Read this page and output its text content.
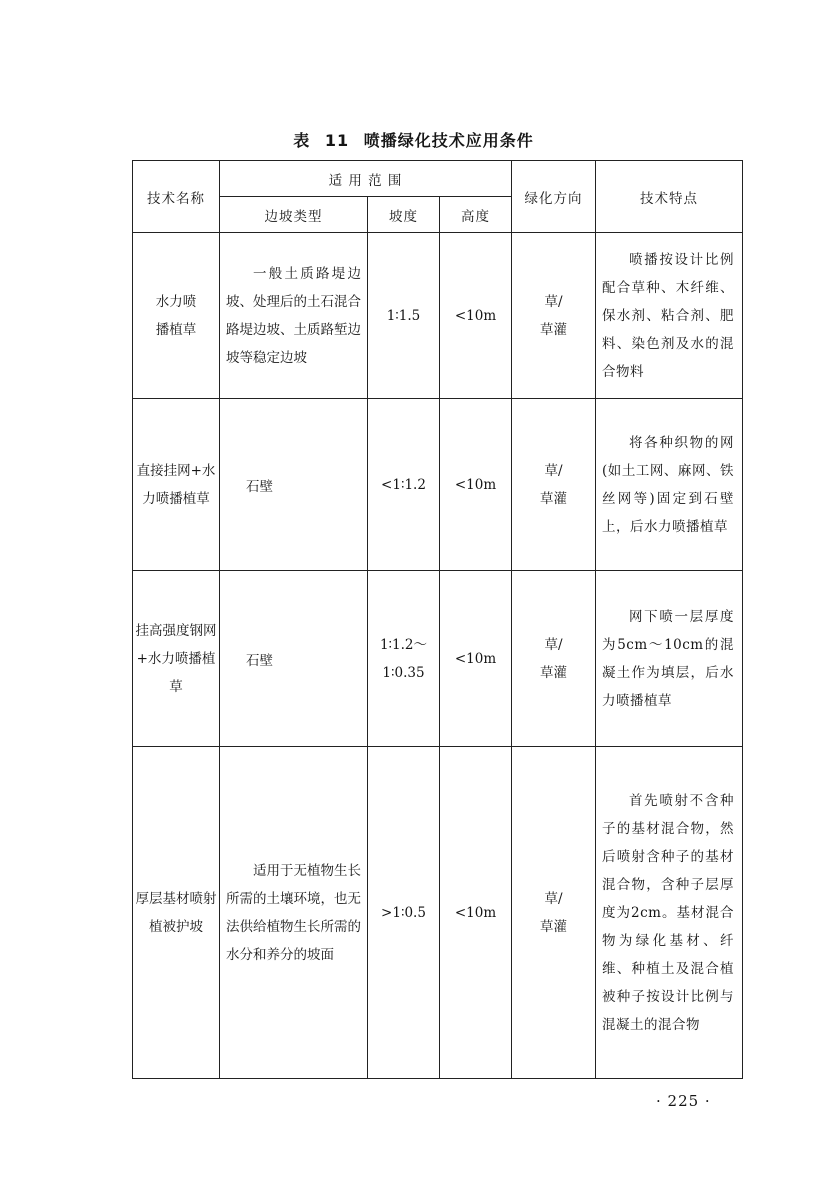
表 11 喷播绿化技术应用条件
技术名称	适 用 范 围			绿化方向	技术特点
	边坡类型	坡度	高度		
水力喷播植草	一般土质路堤边坡、处理后的土石混合路堤边坡、土质路堑边坡等稳定边坡	1∶1.5	<10m	草/草灌	喷播按设计比例配合草种、木纤维、保水剂、粘合剂、肥料、染色剂及水的混合物料
直接挂网+水力喷播植草	石壁	<1∶1.2	<10m	草/草灌	将各种织物的网(如土工网、麻网、铁丝网等)固定到石壁上，后水力喷播植草
挂高强度钢网+水力喷播植草	石壁	1∶1.2～1∶0.35	<10m	草/草灌	网下喷一层厚度为5cm～10cm的混凝土作为填层，后水力喷播植草
厚层基材喷射植被护坡	适用于无植物生长所需的土壤环境，也无法供给植物生长所需的水分和养分的坡面	>1∶0.5	<10m	草/草灌	首先喷射不含种子的基材混合物，然后喷射含种子的基材混合物，含种子层厚度为2cm。基材混合物为绿化基材、纤维、种植土及混合植被种子按设计比例与混凝土的混合物
· 225 ·
